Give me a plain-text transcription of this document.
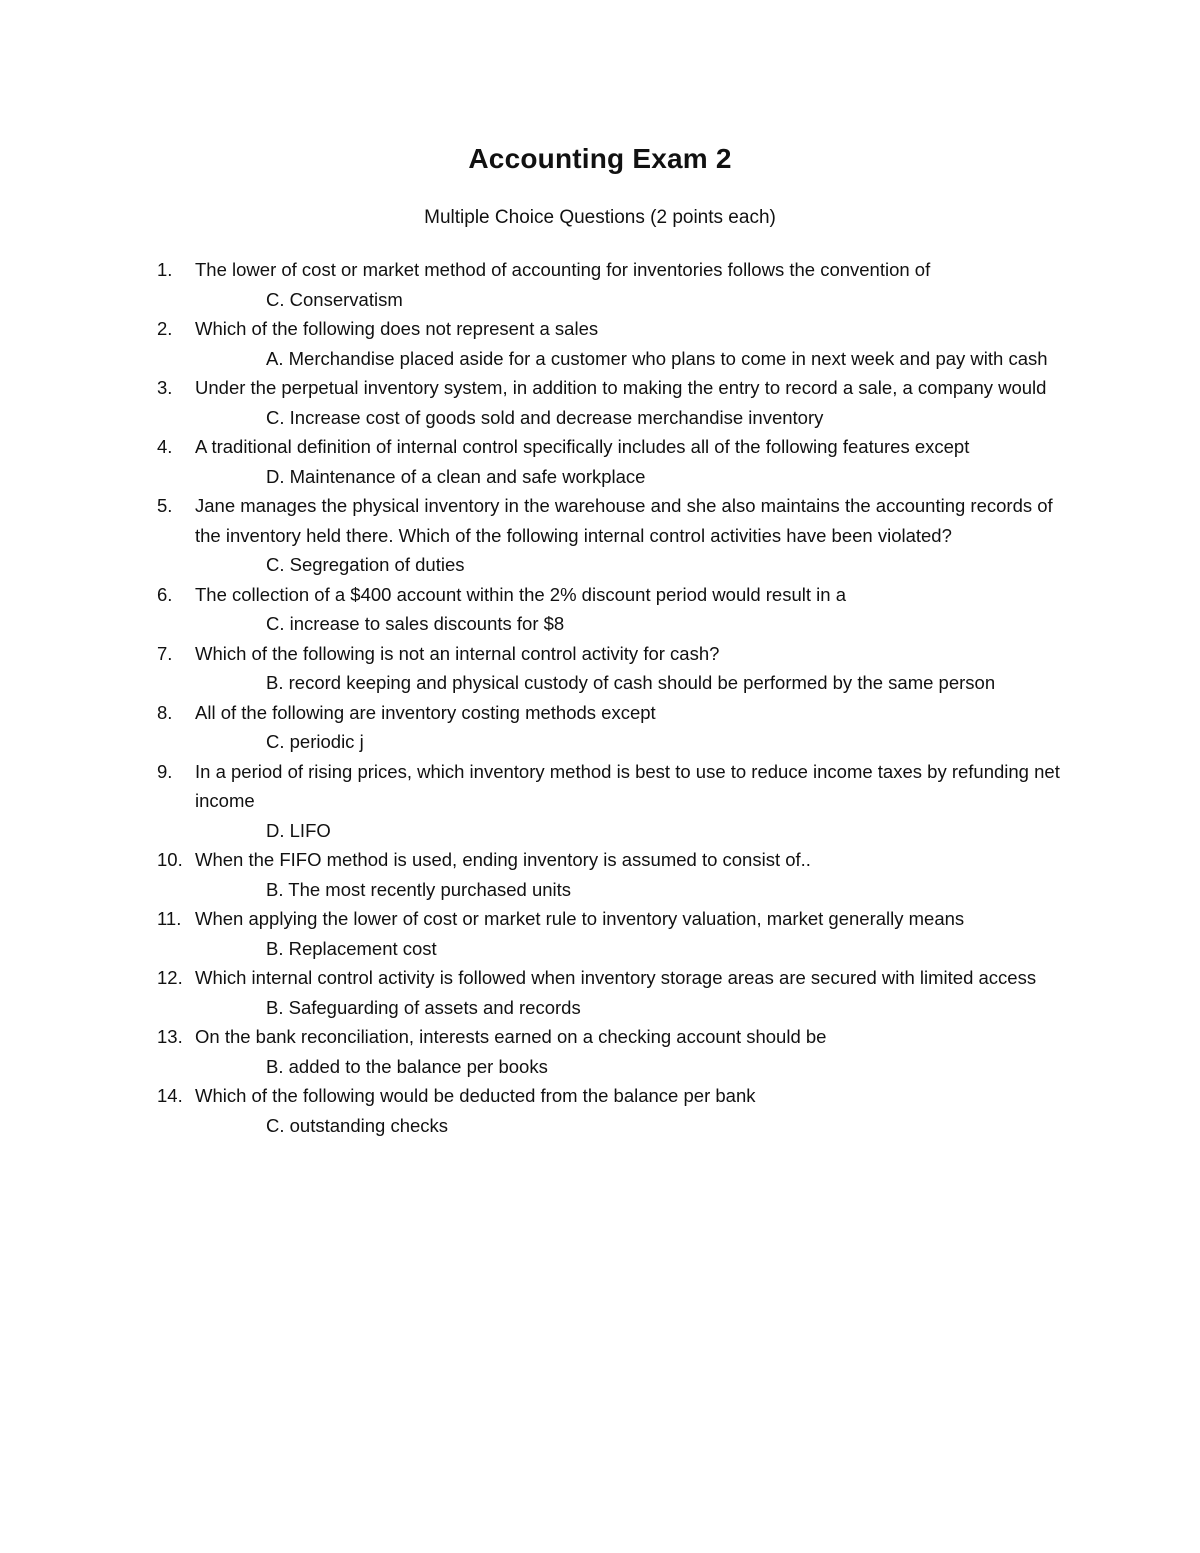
Accounting Exam 2

Multiple Choice Questions (2 points each)

1.	The lower of cost or market method of accounting for inventories follows the convention of
C. Conservatism
2.	Which of the following does not represent a sales
A. Merchandise placed aside for a customer who plans to come in next week and pay with cash
3.	Under the perpetual inventory system, in addition to making the entry to record a sale, a company would
C. Increase cost of goods sold and decrease merchandise inventory
4.	A traditional definition of internal control specifically includes all of the following features except
D. Maintenance of a clean and safe workplace
5.	Jane manages the physical inventory in the warehouse and she also maintains the accounting records of the inventory held there. Which of the following internal control activities have been violated?
C. Segregation of duties
6.	The collection of a $400 account within the 2% discount period would result in a
C. increase to sales discounts for $8
7.	Which of the following is not an internal control activity for cash?
B. record keeping and physical custody of cash should be performed by the same person
8.	All of the following are inventory costing methods except
C. periodic j
9.	In a period of rising prices, which inventory method is best to use to reduce income taxes by refunding net income
D. LIFO
10. When the FIFO method is used, ending inventory is assumed to consist of..
B. The most recently purchased units
11. When applying the lower of cost or market rule to inventory valuation, market generally means
B. Replacement cost
12. Which internal control activity is followed when inventory storage areas are secured with limited access
B. Safeguarding of assets and records
13. On the bank reconciliation, interests earned on a checking account should be
B. added to the balance per books
14. Which of the following would be deducted from the balance per bank
C. outstanding checks
